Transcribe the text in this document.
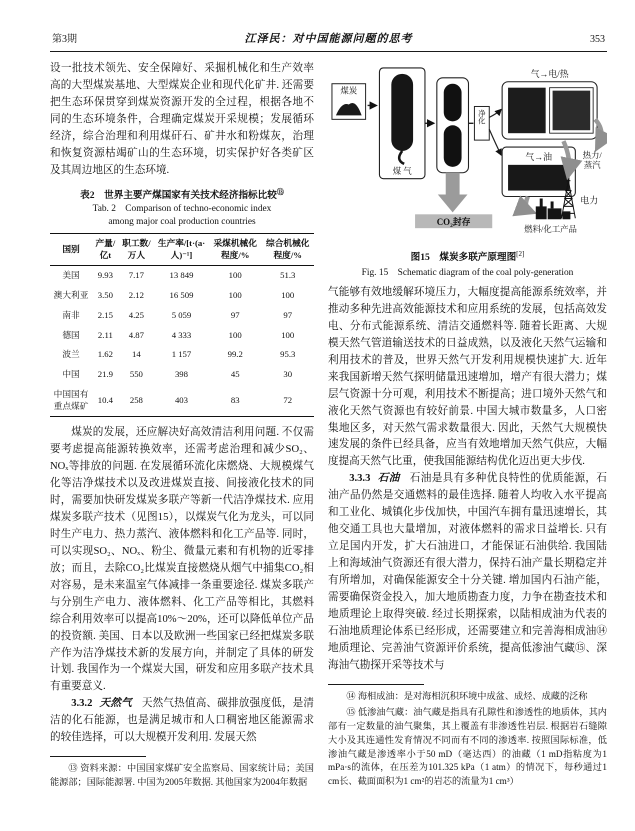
第3期	江泽民：对中国能源问题的思考	353

设一批技术领先、安全保障好、采掘机械化和生产效率高的大型煤炭基地、大型煤炭企业和现代化矿井. 还需要把生态环保贯穿到煤炭资源开发的全过程，根据各地不同的生态环境条件，合理确定煤炭开采规模；发展循环经济，综合治理和利用煤矸石、矿井水和粉煤灰，治理和恢复资源枯竭矿山的生态环境，切实保护好各类矿区及其周边地区的生态环境.

表2　世界主要产煤国家有关技术经济指标比较⑬
Tab. 2　Comparison of techno-economic index among major coal production countries
国别	产量/亿t	职工数/万人	生产率/[t·(a·人)⁻¹]	采煤机械化程度/%	综合机械化程度/%
美国	9.93	7.17	13 849	100	51.3
澳大利亚	3.50	2.12	16 509	100	100
南非	2.15	4.25	5 059	97	97
德国	2.11	4.87	4 333	100	100
波兰	1.62	14	1 157	99.2	95.3
中国	21.9	550	398	45	30
中国国有重点煤矿	10.4	258	403	83	72

煤炭的发展，还应解决好高效清洁利用问题. 不仅需要考虑提高能源转换效率，还需考虑治理和减少SO₂、NOₓ等排放的问题. 在发展循环流化床燃烧、大规模煤气化等洁净煤技术以及改进煤炭直接、间接液化技术的同时，需要加快研发煤炭多联产等新一代洁净煤技术. 应用煤炭多联产技术（见图15），以煤炭气化为龙头，可以同时生产电力、热力蒸汽、液体燃料和化工产品等. 同时，可以实现SO₂、NOₓ、粉尘、微量元素和有机物的近零排放；而且，去除CO₂比煤炭直接燃烧从烟气中捕集CO₂相对容易，是未来温室气体减排一条重要途径. 煤炭多联产与分别生产电力、液体燃料、化工产品等相比，其燃料综合利用效率可以提高10%～20%，还可以降低单位产品的投资额. 美国、日本以及欧洲一些国家已经把煤炭多联产作为洁净煤技术新的发展方向，并制定了具体的研发计划. 我国作为一个煤炭大国，研发和应用多联产技术具有重要意义.

3.3.2 天然气 天然气热值高、碳排放强度低，是清洁的化石能源，也是满足城市和人口稠密地区能源需求的较佳选择，可以大规模开发利用. 发展天然

⑬ 资料来源：中国国家煤矿安全监察局、国家统计局；美国能源部；国际能源署. 中国为2005年数据. 其他国家为2004年数据

煤炭
煤 气
CO₂封存
净化
气→电/热
气→油	热力/
蒸汽
电力
燃料/化工产品
图15　煤炭多联产原理图[2]
Fig. 15　Schematic diagram of the coal poly-generation

气能够有效地缓解环境压力，大幅度提高能源系统效率，并推动多种先进高效能源技术和应用系统的发展，包括高效发电、分布式能源系统、清洁交通燃料等. 随着长距离、大规模天然气管道输送技术的日益成熟，以及液化天然气运输和利用技术的普及，世界天然气开发利用规模快速扩大. 近年来我国新增天然气探明储量迅速增加，增产有很大潜力；煤层气资源十分可观，利用技术不断提高；进口境外天然气和液化天然气资源也有较好前景. 中国大城市数量多，人口密集地区多，对天然气需求数量很大. 因此，天然气大规模快速发展的条件已经具备，应当有效地增加天然气供应，大幅度提高天然气比重，使我国能源结构优化迈出更大步伐.

3.3.3 石油 石油是具有多种优良特性的优质能源，石油产品仍然是交通燃料的最佳选择. 随着人均收入水平提高和工业化、城镇化步伐加快，中国汽车拥有量迅速增长，其他交通工具也大量增加，对液体燃料的需求日益增长. 只有立足国内开发，扩大石油进口，才能保证石油供给. 我国陆上和海域油气资源还有很大潜力，保持石油产量长期稳定并有所增加，对确保能源安全十分关键. 增加国内石油产能，需要确保资金投入，加大地质勘查力度，力争在勘查技术和地质理论上取得突破. 经过长期探索，以陆相成油为代表的石油地质理论体系已经形成，还需要建立和完善海相成油⑭地质理论、完善油气资源评价系统，提高低渗油气藏⑮、深海油气勘探开采等技术与

⑭ 海相成油：是对海相沉积环境中成盆、成烃、成藏的泛称

⑮ 低渗油气藏：油气藏是指具有孔隙性和渗透性的地质体，其内部有一定数量的油气聚集，其上覆盖有非渗透性岩层. 根据岩石缝隙大小及其连通性发育情况不同而有不同的渗透率. 按照国际标准，低渗油气藏是渗透率小于50 mD（毫达西）的油藏（1 mD指粘度为1 mPa·s的流体，在压差为101.325 kPa（1 atm）的情况下，每秒通过1 cm长、截面面积为1 cm²的岩芯的流量为1 cm³）
